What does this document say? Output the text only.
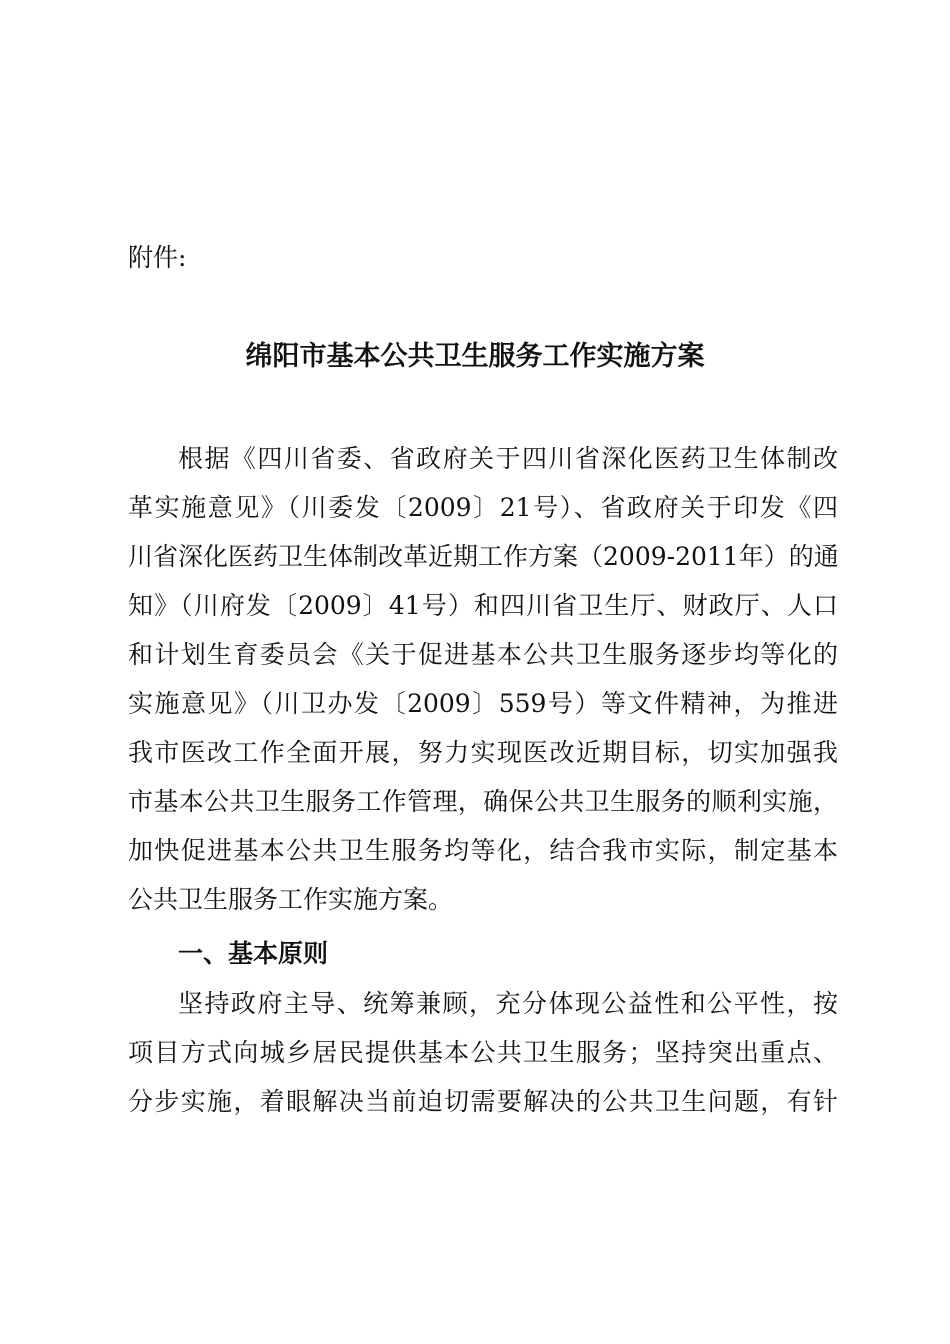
附件:
绵阳市基本公共卫生服务工作实施方案
根据《四川省委、省政府关于四川省深化医药卫生体制改
革实施意见》（川委发〔2009〕21号）、省政府关于印发《四
川省深化医药卫生体制改革近期工作方案（2009-2011年）的通
知》（川府发〔2009〕41号）和四川省卫生厅、财政厅、人口
和计划生育委员会《关于促进基本公共卫生服务逐步均等化的
实施意见》（川卫办发〔2009〕559号）等文件精神，为推进
我市医改工作全面开展，努力实现医改近期目标，切实加强我
市基本公共卫生服务工作管理，确保公共卫生服务的顺利实施，
加快促进基本公共卫生服务均等化，结合我市实际，制定基本
公共卫生服务工作实施方案。
一、基本原则
坚持政府主导、统筹兼顾，充分体现公益性和公平性，按
项目方式向城乡居民提供基本公共卫生服务；坚持突出重点、
分步实施，着眼解决当前迫切需要解决的公共卫生问题，有针
